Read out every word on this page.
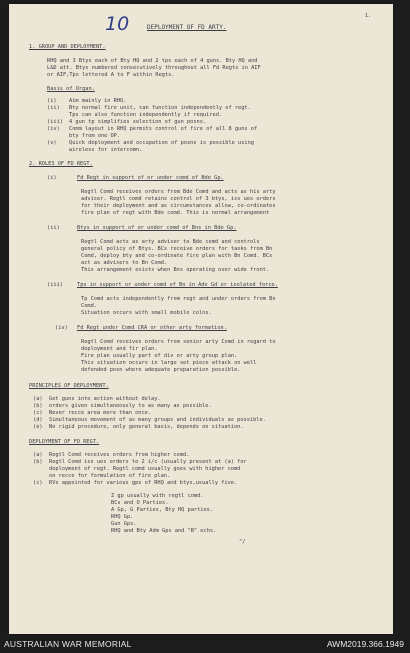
10	1.
DEPLOYMENT OF FD ARTY.
1. GROUP AND DEPLOYMENT.
RHQ and 3 Btys each of Bty HQ and 2 tps each of 4 guns. Bty HQ and
L&D att. Btys numbered consecutively throughout all Fd Regts in AIF
or AIF,Tps lettered A to F within Regts.
Basis of Organ.
(i) Aim mainly in RHQ.
(ii) Bty normal fire unit, can function independently of regt.
Tps can also function independently if required.
(iii) 4 gun tp simplifies selection of gun posns.
(iv) Comm layout in RHQ permits control of fire of all 8 guns of
bty from one OP.
(v) Quick deployment and occupation of posns is possible using
wireless for intercomn.
2. ROLES OF FD REGT.
(i)	Fd Regt in support of or under comd of Bde Gp.
Regtl Comd receives orders from Bde Comd and acts as his arty
adviser. Regtl comd retains control of 3 btys, iss ues orders
for their deployment and as circumstances allow, co-ordinates
fire plan of regt with Bde comd. This is normal arrangement
(ii)	Btys in support of or under comd of Bns in Bde Gp.
Regtl Comd acts as arty adviser to Bde comd and controls
general policy of Btys. BCs receive orders for tasks from Bn
Comd, deploy bty and co-ordinate fire plan with Bn Comd. BCs
act as advisers to Bn Comd.
This arrangement exists when Bns operating over wide front.
(iii)	Tps in support or under comd of Bn in Adv Gd or isolated force.
Tp Comd acts independently from regt and under orders from Bn
Comd.
Situation occurs with small mobile colns.
(iv) Fd Regt under Comd CRA or other arty formation.
Regtl Comd receives orders from senior arty Comd in regard to
deployment and fir plan.
Fire plan usually part of div or arty group plan.
This situation occurs in large set piece attack on well
defended posn where adequate preparation possible.
PRINCIPLES OF DEPLOYMENT.
(a) Get guns into action without delay.
(b) orders given simultaneously to as many as possible.
(c) Never recce area more than once.
(d) Simultaneous movement of as many groups and individuals as possible.
(e) No rigid procedure, only general basis, depends on situation.
DEPLOYMENT OF FD REGT.
(a) Regtl Comd receives orders from higher comd.
(b) Regtl Comd iss ues orders to 2 i/c (usually present at (a) for
deployment of regt. Regtl comd usually goes with higher comd
on recce for formulation of fire plan.
(c) RVs appointed for various gps of RHQ and btys,usually five.
Z gp usually with regtl comd.
BCs and O Parties.
A Gp, G Parties, Bty HQ parties.
RHQ Gp.
Gun Gps.
RHQ and Bty Adm Gps and "B" echs.
"/
AUSTRALIAN WAR MEMORIAL	AWM2019.366.1949
